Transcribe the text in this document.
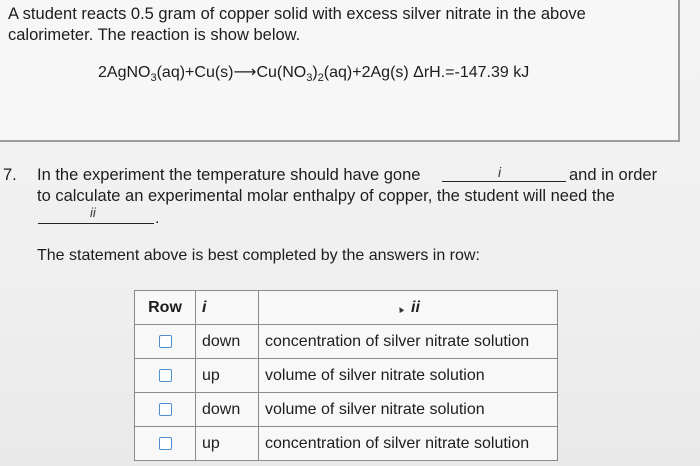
A student reacts 0.5 gram of copper solid with excess silver nitrate in the above calorimeter. The reaction is show below.
$2AgNO_3(aq)+Cu(s)⟶Cu(NO_3)_2(aq)+2Ag(s)$ ΔrH.=-147.39 kJ
7. In the experiment the temperature should have gone	i	and in order
to calculate an experimental molar enthalpy of copper, the student will need the
ii	.
The statement above is best completed by the answers in row:
Row	i	▲ ii
	down	concentration of silver nitrate solution
	up	volume of silver nitrate solution
	down	volume of silver nitrate solution
	up	concentration of silver nitrate solution
